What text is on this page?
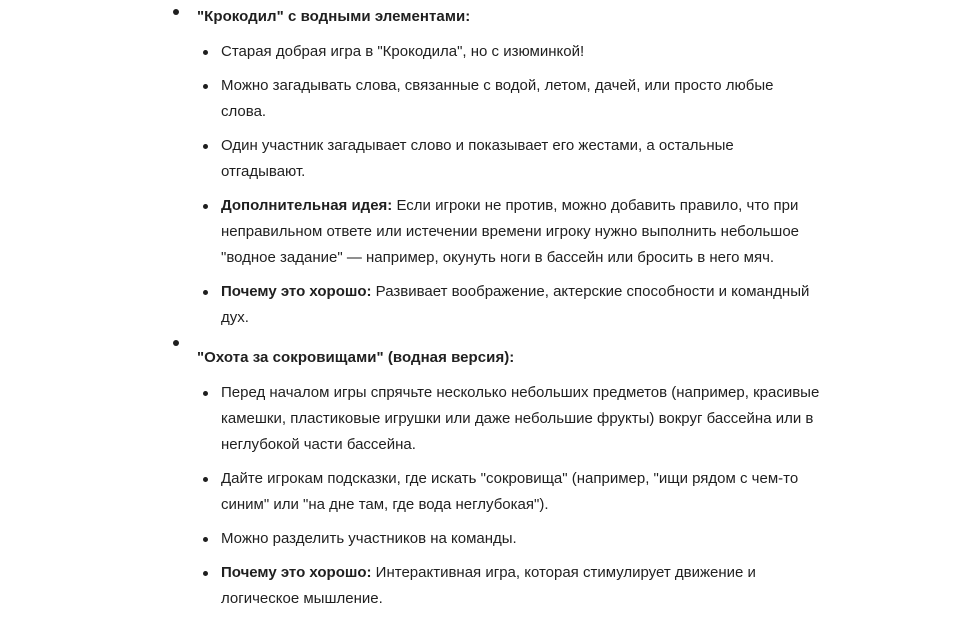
"Крокодил" с водными элементами:
Старая добрая игра в "Крокодила", но с изюминкой!
Можно загадывать слова, связанные с водой, летом, дачей, или просто любые слова.
Один участник загадывает слово и показывает его жестами, а остальные отгадывают.
Дополнительная идея: Если игроки не против, можно добавить правило, что при неправильном ответе или истечении времени игроку нужно выполнить небольшое "водное задание" — например, окунуть ноги в бассейн или бросить в него мяч.
Почему это хорошо: Развивает воображение, актерские способности и командный дух.
"Охота за сокровищами" (водная версия):
Перед началом игры спрячьте несколько небольших предметов (например, красивые камешки, пластиковые игрушки или даже небольшие фрукты) вокруг бассейна или в неглубокой части бассейна.
Дайте игрокам подсказки, где искать "сокровища" (например, "ищи рядом с чем-то синим" или "на дне там, где вода неглубокая").
Можно разделить участников на команды.
Почему это хорошо: Интерактивная игра, которая стимулирует движение и логическое мышление.
